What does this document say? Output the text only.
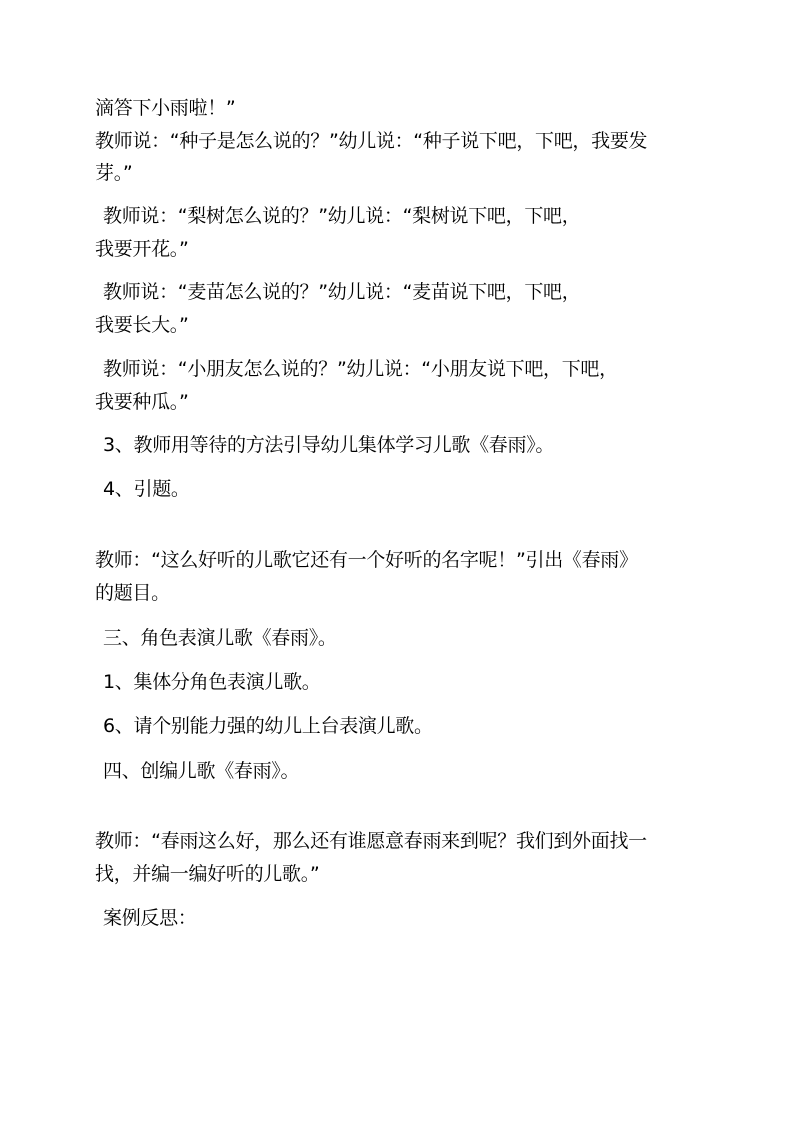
滴答下小雨啦！”
教师说：“种子是怎么说的？”幼儿说：“种子说下吧，下吧，我要发
芽。”
教师说：“梨树怎么说的？”幼儿说：“梨树说下吧，下吧，
我要开花。”
教师说：“麦苗怎么说的？”幼儿说：“麦苗说下吧，下吧，
我要长大。”
教师说：“小朋友怎么说的？”幼儿说：“小朋友说下吧，下吧，
我要种瓜。”
3、教师用等待的方法引导幼儿集体学习儿歌《春雨》。
4、引题。
教师：“这么好听的儿歌它还有一个好听的名字呢！”引出《春雨》
的题目。
三、角色表演儿歌《春雨》。
1、集体分角色表演儿歌。
6、请个别能力强的幼儿上台表演儿歌。
四、创编儿歌《春雨》。
教师：“春雨这么好，那么还有谁愿意春雨来到呢？我们到外面找一
找，并编一编好听的儿歌。”
案例反思：
